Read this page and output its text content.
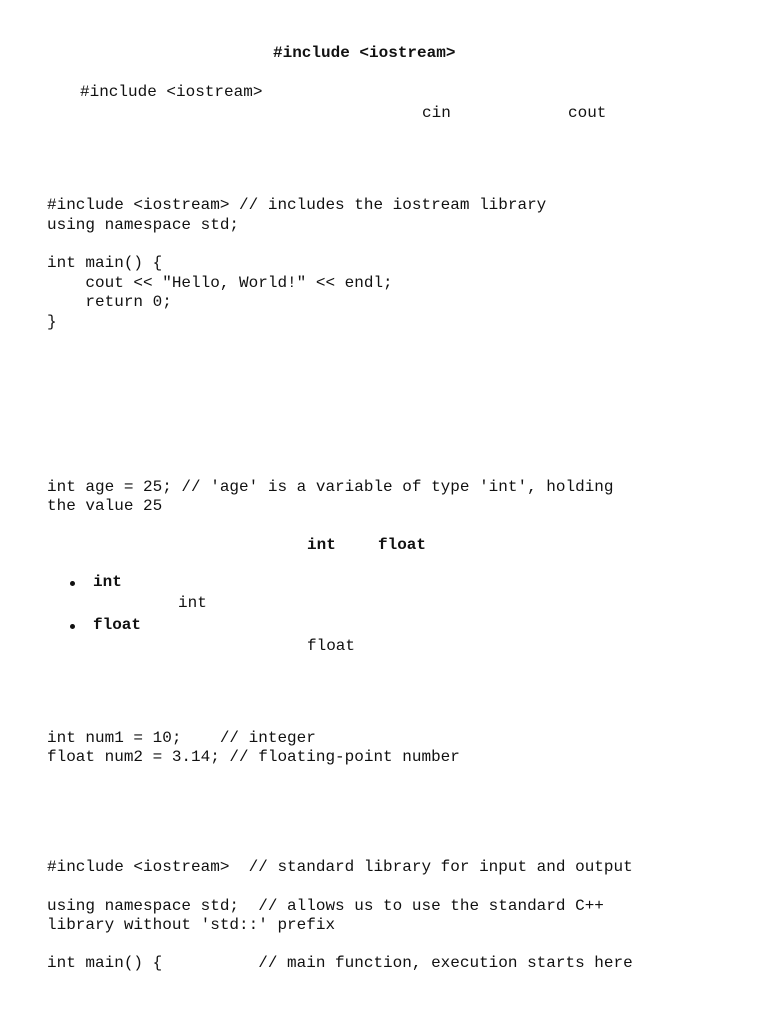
#include <iostream>
#include <iostream>
cin	cout
#include <iostream> // includes the iostream library
using namespace std;
int main() {
cout << "Hello, World!" << endl;
return 0;
}
int age = 25; // 'age' is a variable of type 'int', holding
the value 25
int	float
int
int
float
float
int num1 = 10;    // integer
float num2 = 3.14; // floating-point number
#include <iostream>  // standard library for input and output
using namespace std;  // allows us to use the standard C++
library without 'std::' prefix
int main() {          // main function, execution starts here
